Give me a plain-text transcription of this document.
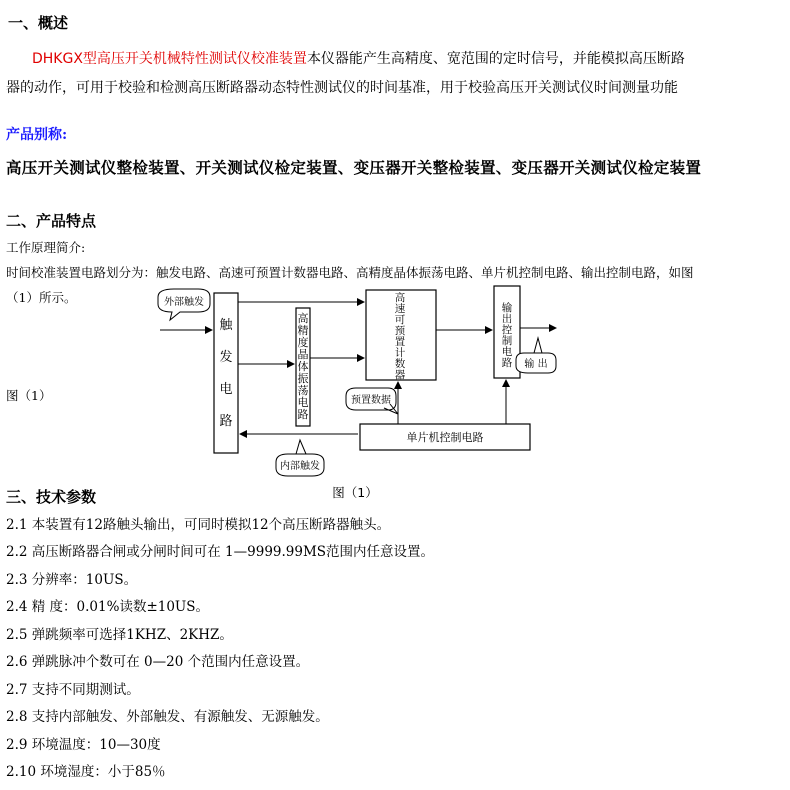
一、概述
DHKGX型高压开关机械特性测试仪校准装置本仪器能产生高精度、宽范围的定时信号，并能模拟高压断路
器的动作，可用于校验和检测高压断路器动态特性测试仪的时间基准，用于校验高压开关测试仪时间测量功能
产品别称:
高压开关测试仪整检装置、开关测试仪检定装置、变压器开关整检装置、变压器开关测试仪检定装置
二、产品特点
工作原理简介:
时间校准装置电路划分为：触发电路、高速可预置计数器电路、高精度晶体振荡电路、单片机控制电路、输出控制电路，如图
（1）所示。
图（1）
外部触发
触
发
电
路
高
精
度
晶
体
振
荡
电
路
高
速
可
预
置
计
数
器
输
出
控
制
电
路 输 出
单片机控制电路
预置数据
内部触发
图（1）
三、技术参数
2.1 本装置有12路触头输出，可同时模拟12个高压断路器触头。
2.2 高压断路器合闸或分闸时间可在 1—9999.99MS范围内任意设置。
2.3 分辨率：10US。
2.4 精 度：0.01%读数±10US。
2.5 弹跳频率可选择1KHZ、2KHZ。
2.6 弹跳脉冲个数可在 0—20 个范围内任意设置。
2.7 支持不同期测试。
2.8 支持内部触发、外部触发、有源触发、无源触发。
2.9 环境温度：10—30度
2.10 环境湿度：小于85％
